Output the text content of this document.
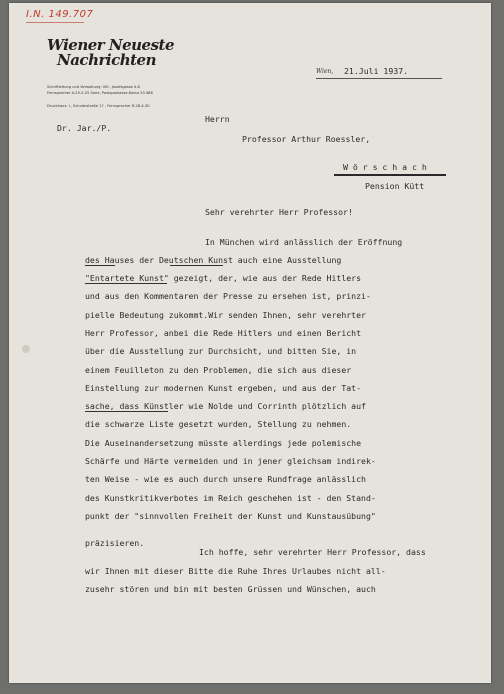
I.N. 149.707
Wiener Neueste
Nachrichten
Schriftleitung und Verwaltung: VIII., Josefsgasse 4-6
Fernsprecher A-25-5-25 Serie, Postsparkasse-Konto 29.386
Druckhaus: I., Schulerstraße 17 - Fernsprecher R-28-4-30
Dr. Jar./P.
Wien, 21.Juli 1937.
Herrn
Professor Arthur Roessler,
W ö r s c h a c h
Pension Kütt
Sehr verehrter Herr Professor!
In München wird anlässlich der Eröffnung
des Hauses der Deutschen Kunst auch eine Ausstellung
"Entartete Kunst" gezeigt, der, wie aus der Rede Hitlers
und aus den Kommentaren der Presse zu ersehen ist, prinzi-
pielle Bedeutung zukommt.Wir senden Ihnen, sehr verehrter
Herr Professor, anbei die Rede Hitlers und einen Bericht
über die Ausstellung zur Durchsicht, und bitten Sie, in
einem Feuilleton zu den Problemen, die sich aus dieser
Einstellung zur modernen Kunst ergeben, und aus der Tat-
sache, dass Künstler wie Nolde und Corrinth plötzlich auf
die schwarze Liste gesetzt wurden, Stellung zu nehmen.
Die Auseinandersetzung müsste allerdings jede polemische
Schärfe und Härte vermeiden und in jener gleichsam indirek-
ten Weise - wie es auch durch unsere Rundfrage anlässlich
des Kunstkritikverbotes im Reich geschehen ist - den Stand-
punkt der "sinnvollen Freiheit der Kunst und Kunstausübung"
präzisieren.
Ich hoffe, sehr verehrter Herr Professor, dass
wir Ihnen mit dieser Bitte die Ruhe Ihres Urlaubes nicht all-
zusehr stören und bin mit besten Grüssen und Wünschen, auch
